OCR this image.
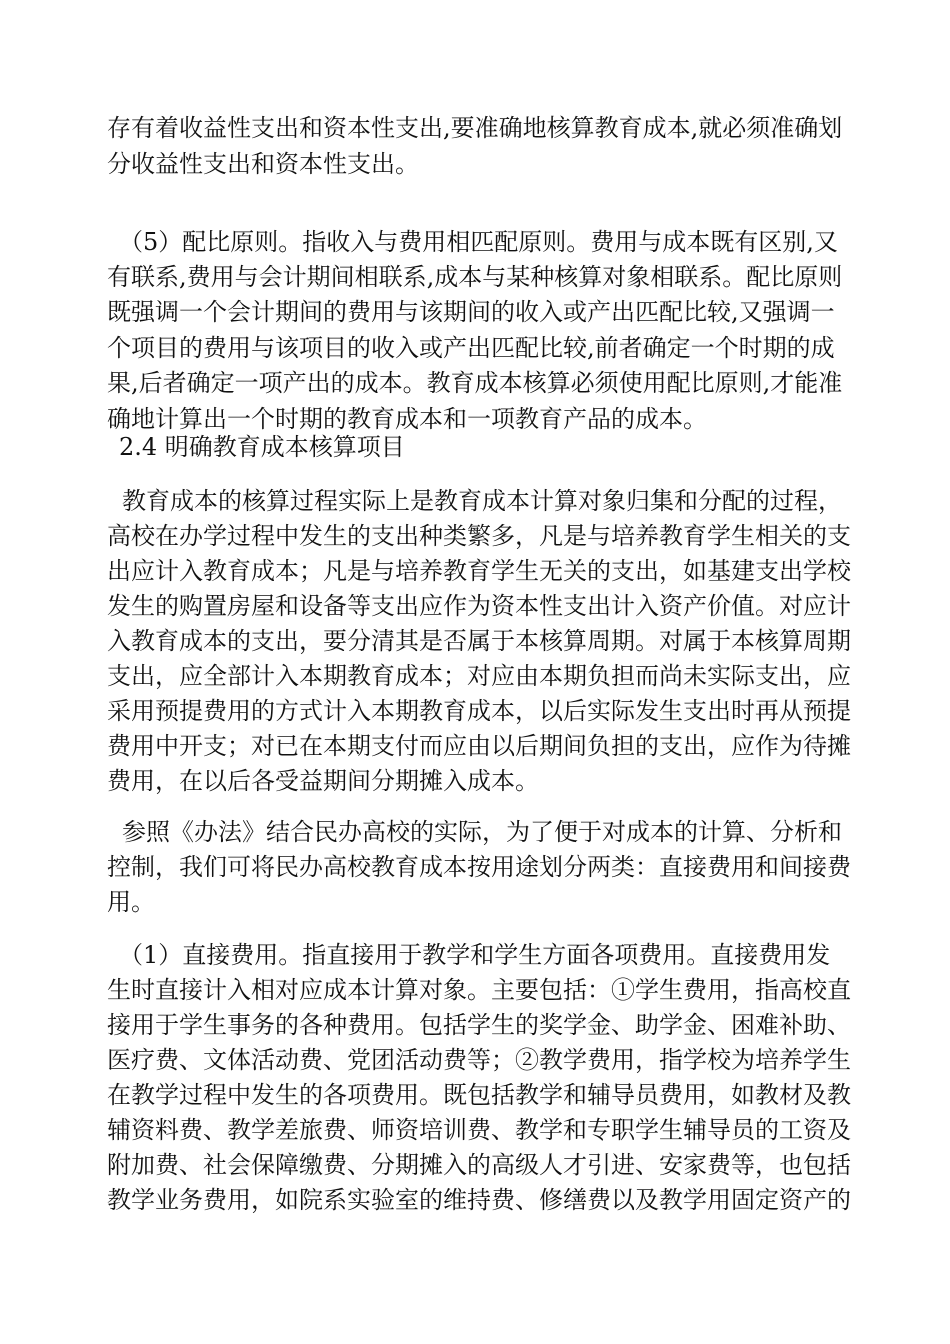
存有着收益性支出和资本性支出,要准确地核算教育成本,就必须准确划

分收益性支出和资本性支出。

（5）配比原则。指收入与费用相匹配原则。费用与成本既有区别,又

有联系,费用与会计期间相联系,成本与某种核算对象相联系。配比原则

既强调一个会计期间的费用与该期间的收入或产出匹配比较,又强调一

个项目的费用与该项目的收入或产出匹配比较,前者确定一个时期的成

果,后者确定一项产出的成本。教育成本核算必须使用配比原则,才能准

确地计算出一个时期的教育成本和一项教育产品的成本。

2.4 明确教育成本核算项目

教育成本的核算过程实际上是教育成本计算对象归集和分配的过程，

高校在办学过程中发生的支出种类繁多，凡是与培养教育学生相关的支

出应计入教育成本；凡是与培养教育学生无关的支出，如基建支出学校

发生的购置房屋和设备等支出应作为资本性支出计入资产价值。对应计

入教育成本的支出，要分清其是否属于本核算周期。对属于本核算周期

支出，应全部计入本期教育成本；对应由本期负担而尚未实际支出，应

采用预提费用的方式计入本期教育成本，以后实际发生支出时再从预提

费用中开支；对已在本期支付而应由以后期间负担的支出，应作为待摊

费用，在以后各受益期间分期摊入成本。

参照《办法》结合民办高校的实际，为了便于对成本的计算、分析和

控制，我们可将民办高校教育成本按用途划分两类：直接费用和间接费

用。

（1）直接费用。指直接用于教学和学生方面各项费用。直接费用发

生时直接计入相对应成本计算对象。主要包括：①学生费用，指高校直

接用于学生事务的各种费用。包括学生的奖学金、助学金、困难补助、

医疗费、文体活动费、党团活动费等；②教学费用，指学校为培养学生

在教学过程中发生的各项费用。既包括教学和辅导员费用，如教材及教

辅资料费、教学差旅费、师资培训费、教学和专职学生辅导员的工资及

附加费、社会保障缴费、分期摊入的高级人才引进、安家费等，也包括

教学业务费用，如院系实验室的维持费、修缮费以及教学用固定资产的
